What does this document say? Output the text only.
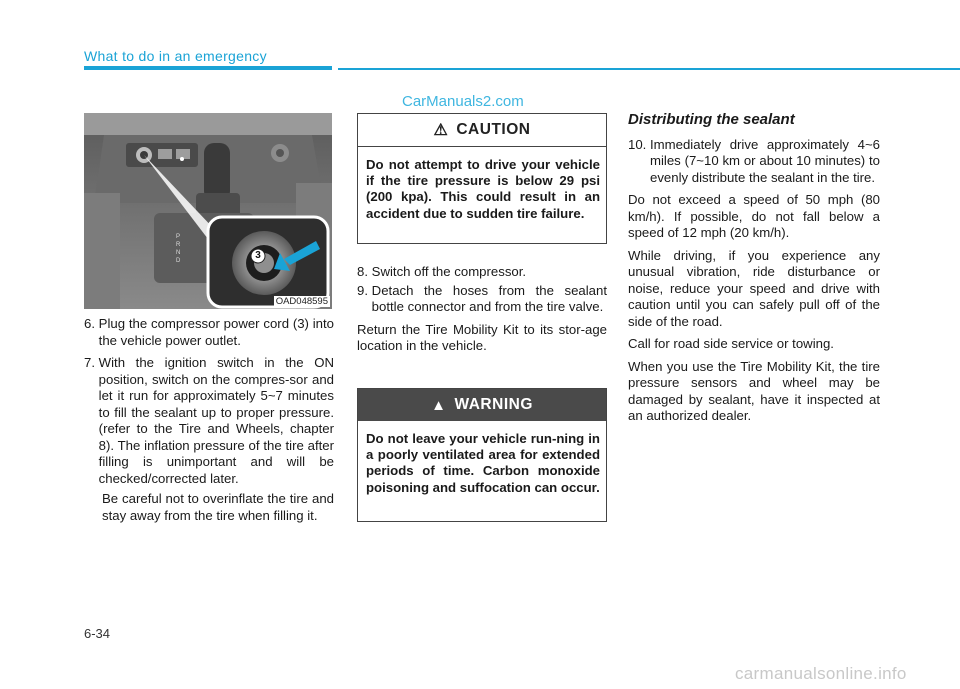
What to do in an emergency
CarManuals2.com
P
R
N
D	3
OAD048595

6. Plug the compressor power cord (3) into the vehicle power outlet.

7. With the ignition switch in the ON position, switch on the compres-sor and let it run for approximately 5~7 minutes to fill the sealant up to proper pressure. (refer to the Tire and Wheels, chapter 8). The inflation pressure of the tire after filling is unimportant and will be checked/corrected later.

Be careful not to overinflate the tire and stay away from the tire when filling it.

⚠ CAUTION
Do not attempt to drive your vehicle if the tire pressure is below 29 psi (200 kpa). This could result in an accident due to sudden tire failure.

8. Switch off the compressor.

9. Detach the hoses from the sealant bottle connector and from the tire valve.

Return the Tire Mobility Kit to its stor-age location in the vehicle.

▲ WARNING
Do not leave your vehicle run-ning in a poorly ventilated area for extended periods of time. Carbon monoxide poisoning and suffocation can occur.
Distributing the sealant

10. Immediately drive approximately 4~6 miles (7~10 km or about 10 minutes) to evenly distribute the sealant in the tire.

Do not exceed a speed of 50 mph (80 km/h). If possible, do not fall below a speed of 12 mph (20 km/h).

While driving, if you experience any unusual vibration, ride disturbance or noise, reduce your speed and drive with caution until you can safely pull off of the side of the road.

Call for road side service or towing.

When you use the Tire Mobility Kit, the tire pressure sensors and wheel may be damaged by sealant, have it inspected at an authorized dealer.

6-34
carmanualsonline.info
